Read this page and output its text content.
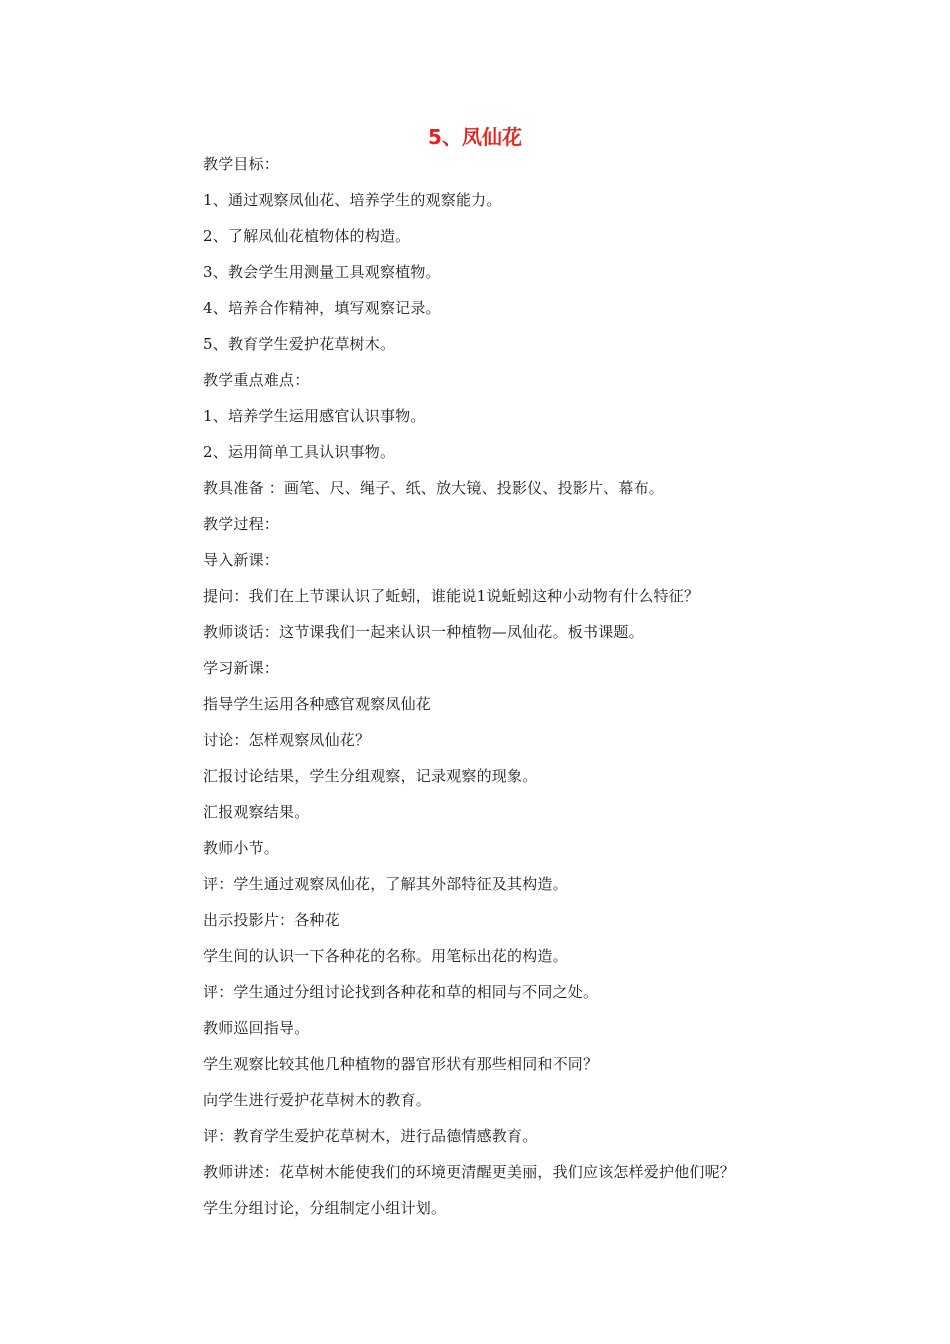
5、凤仙花
教学目标：
1、通过观察凤仙花、培养学生的观察能力。
2、了解凤仙花植物体的构造。
3、教会学生用测量工具观察植物。
4、培养合作精神，填写观察记录。
5、教育学生爱护花草树木。
教学重点难点：
1、培养学生运用感官认识事物。
2、运用简单工具认识事物。
教具准备 ：画笔、尺、绳子、纸、放大镜、投影仪、投影片、幕布。
教学过程：
导入新课：
提问：我们在上节课认识了蚯蚓，谁能说1说蚯蚓这种小动物有什么特征？
教师谈话：这节课我们一起来认识一种植物—凤仙花。板书课题。
学习新课：
指导学生运用各种感官观察凤仙花
讨论：怎样观察凤仙花？
汇报讨论结果，学生分组观察，记录观察的现象。
汇报观察结果。
教师小节。
评：学生通过观察凤仙花，了解其外部特征及其构造。
出示投影片：各种花
学生间的认识一下各种花的名称。用笔标出花的构造。
评：学生通过分组讨论找到各种花和草的相同与不同之处。
教师巡回指导。
学生观察比较其他几种植物的器官形状有那些相同和不同？
向学生进行爱护花草树木的教育。
评：教育学生爱护花草树木，进行品德情感教育。
教师讲述：花草树木能使我们的环境更清醒更美丽，我们应该怎样爱护他们呢？
学生分组讨论，分组制定小组计划。
